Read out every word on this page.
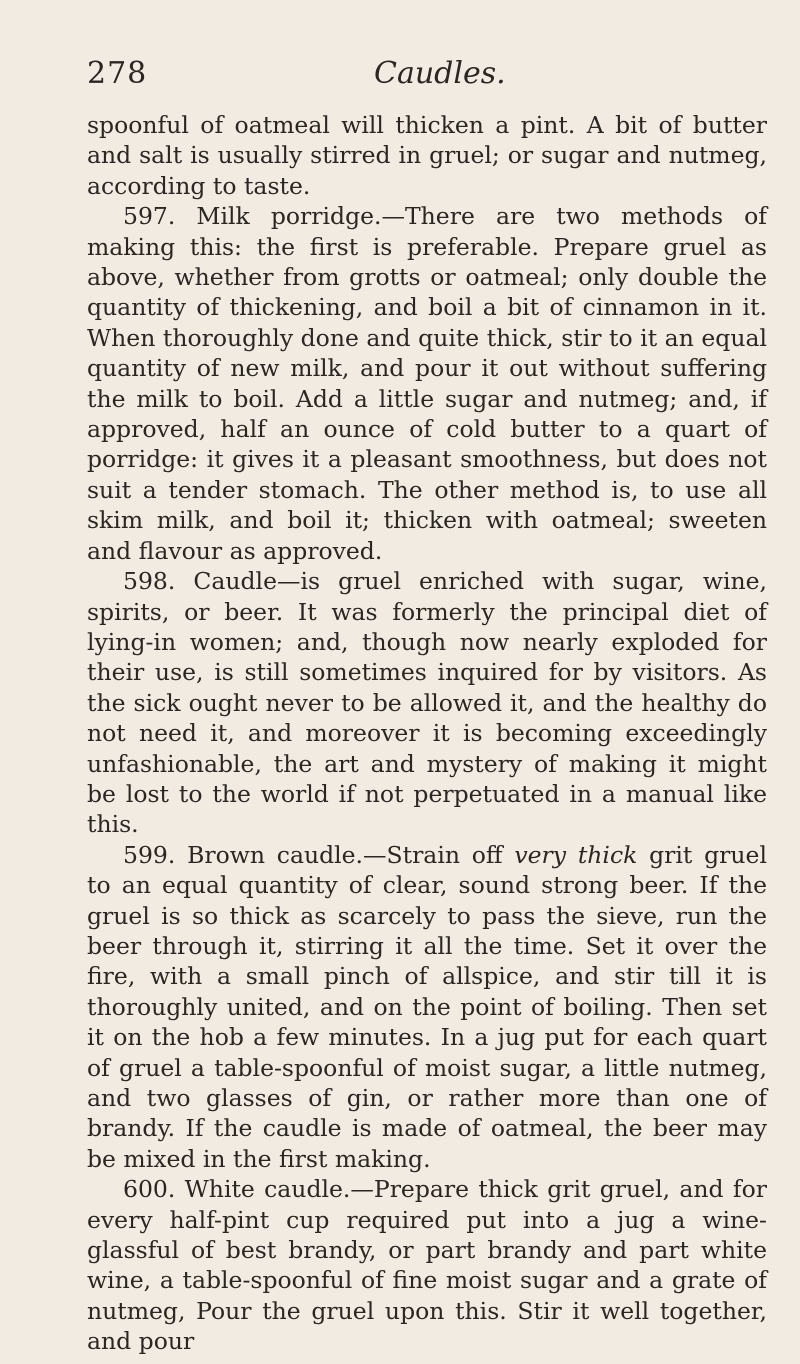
278	Caudles.

spoonful of oatmeal will thicken a pint. A bit of butter and salt is usually stirred in gruel; or sugar and nutmeg, according to taste.

597. Milk porridge.—There are two methods of making this: the first is preferable. Prepare gruel as above, whether from grotts or oatmeal; only double the quantity of thickening, and boil a bit of cinnamon in it. When thoroughly done and quite thick, stir to it an equal quantity of new milk, and pour it out without suffering the milk to boil. Add a little sugar and nutmeg; and, if approved, half an ounce of cold butter to a quart of porridge: it gives it a pleasant smoothness, but does not suit a tender stomach. The other method is, to use all skim milk, and boil it; thicken with oatmeal; sweeten and flavour as approved.

598. Caudle—is gruel enriched with sugar, wine, spirits, or beer. It was formerly the principal diet of lying-in women; and, though now nearly exploded for their use, is still sometimes inquired for by visitors. As the sick ought never to be allowed it, and the healthy do not need it, and moreover it is becoming exceedingly unfashionable, the art and mystery of making it might be lost to the world if not perpetuated in a manual like this.

599. Brown caudle.—Strain off very thick grit gruel to an equal quantity of clear, sound strong beer. If the gruel is so thick as scarcely to pass the sieve, run the beer through it, stirring it all the time. Set it over the fire, with a small pinch of allspice, and stir till it is thoroughly united, and on the point of boiling. Then set it on the hob a few minutes. In a jug put for each quart of gruel a table-spoonful of moist sugar, a little nutmeg, and two glasses of gin, or rather more than one of brandy. If the caudle is made of oatmeal, the beer may be mixed in the first making.

600. White caudle.—Prepare thick grit gruel, and for every half-pint cup required put into a jug a wine-glassful of best brandy, or part brandy and part white wine, a table-spoonful of fine moist sugar and a grate of nutmeg, Pour the gruel upon this. Stir it well together, and pour
